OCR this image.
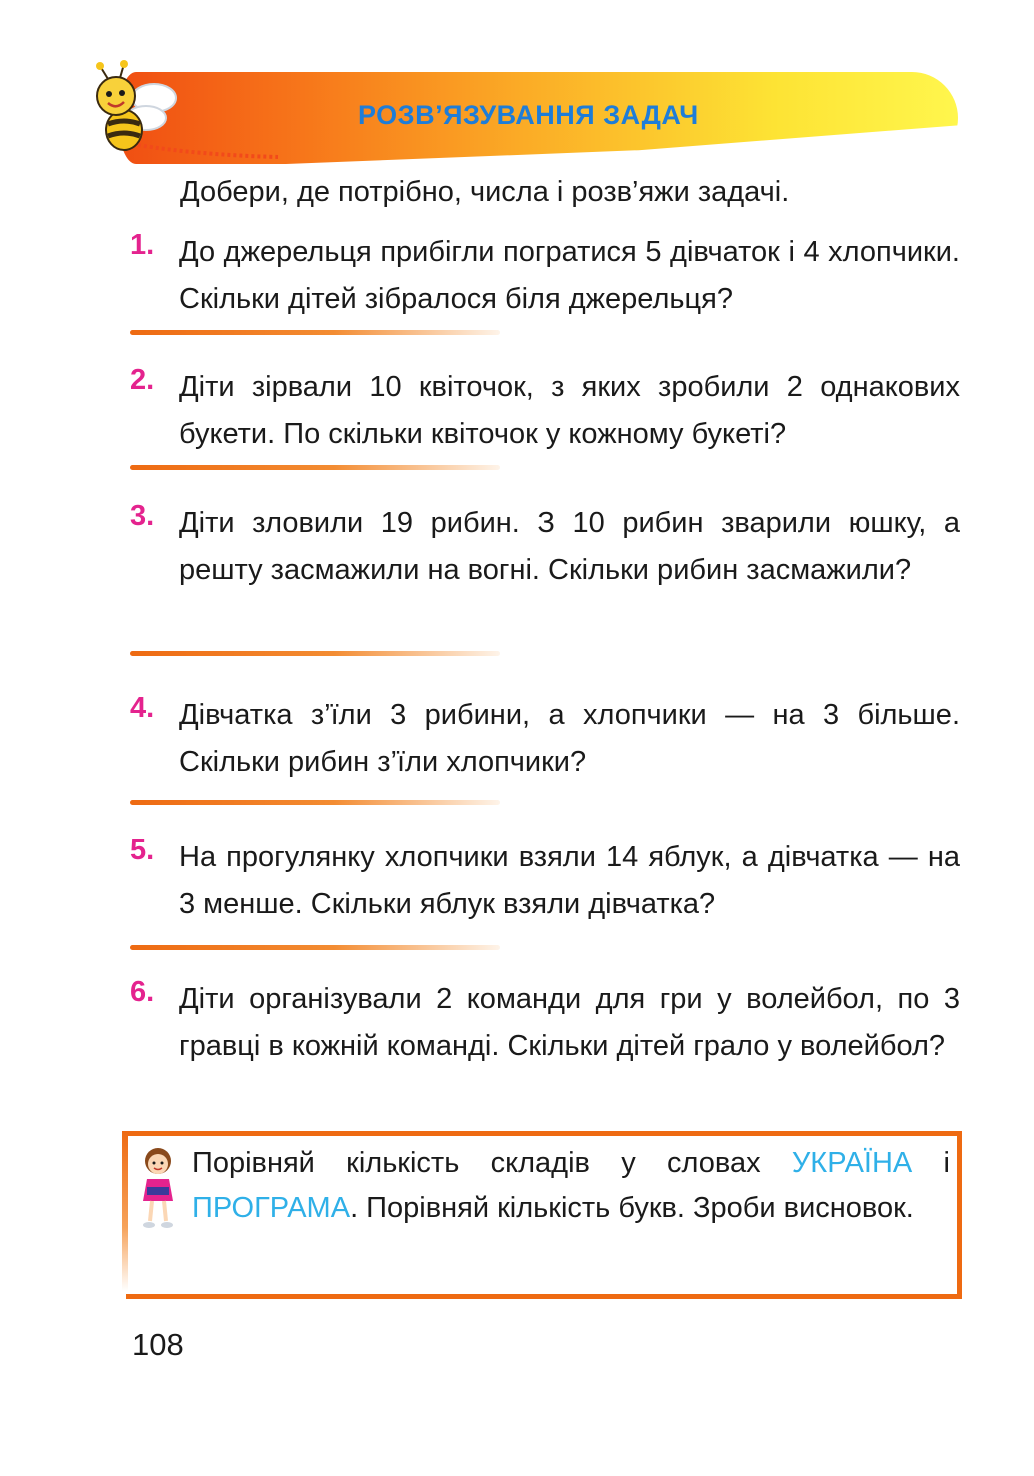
РОЗВ’ЯЗУВАННЯ ЗАДАЧ
Добери, де потрібно, числа і розв’яжи задачі.
1. До джерельця прибігли погратися 5 дівчаток і 4 хлопчики. Скільки дітей зібралося біля джерельця?
2. Діти зірвали 10 квіточок, з яких зробили 2 однакових букети. По скільки квіточок у кожному букеті?
3. Діти зловили 19 рибин. З 10 рибин зварили юшку, а решту засмажили на вогні. Скільки рибин засмажили?
4. Дівчатка з’їли 3 рибини, а хлопчики — на 3 більше. Скільки рибин з’їли хлопчики?
5. На прогулянку хлопчики взяли 14 яблук, а дівчатка — на 3 менше. Скільки яблук взяли дівчатка?
6. Діти організували 2 команди для гри у волейбол, по 3 гравці в кожній команді. Скільки дітей грало у волейбол?
Порівняй кількість складів у словах УКРАЇНА і ПРОГРАМА. Порівняй кількість букв. Зроби висновок.
108
